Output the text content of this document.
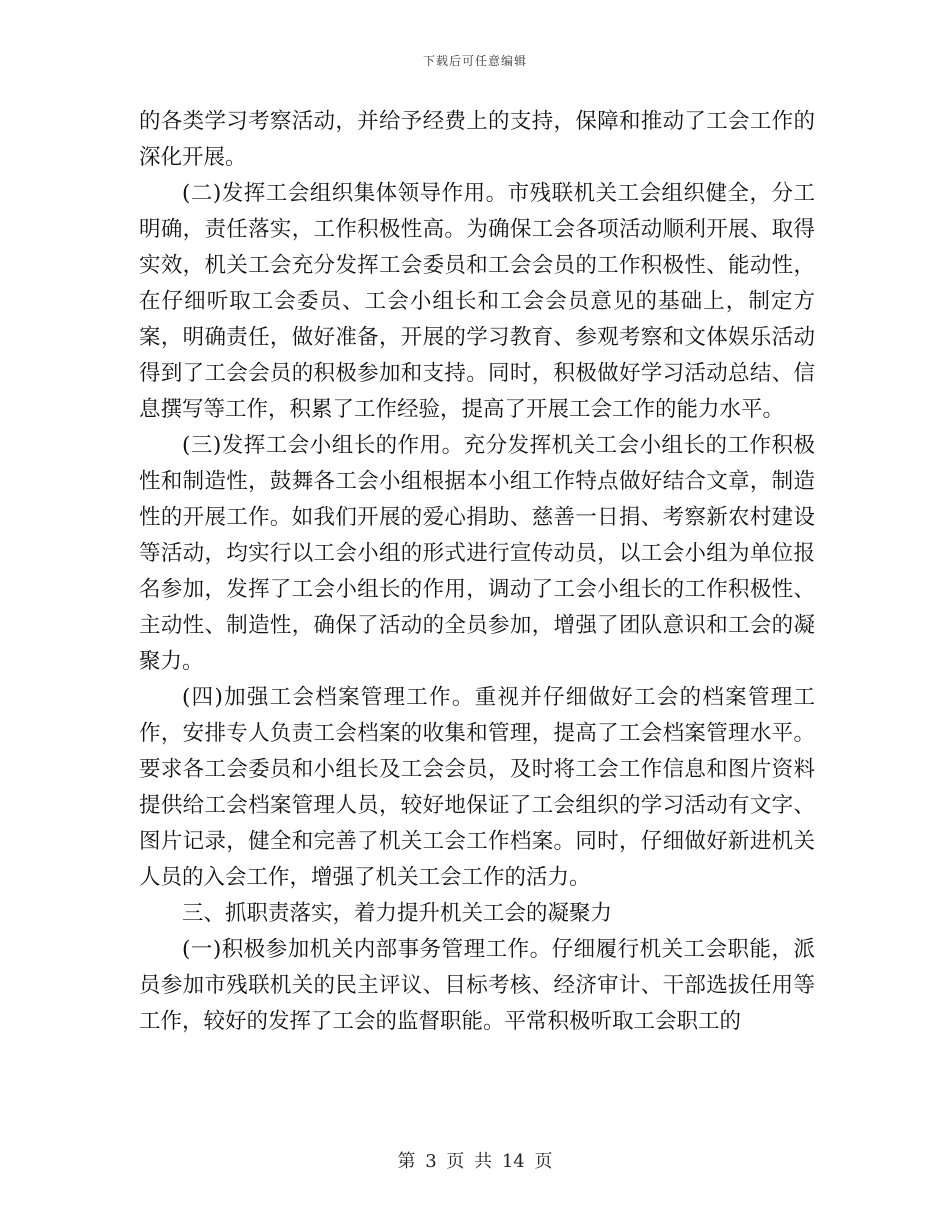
下载后可任意编辑

的各类学习考察活动，并给予经费上的支持，保障和推动了工会工作的深化开展。

(二)发挥工会组织集体领导作用。市残联机关工会组织健全，分工明确，责任落实，工作积极性高。为确保工会各项活动顺利开展、取得实效，机关工会充分发挥工会委员和工会会员的工作积极性、能动性，在仔细听取工会委员、工会小组长和工会会员意见的基础上，制定方案，明确责任，做好准备，开展的学习教育、参观考察和文体娱乐活动得到了工会会员的积极参加和支持。同时，积极做好学习活动总结、信息撰写等工作，积累了工作经验，提高了开展工会工作的能力水平。

(三)发挥工会小组长的作用。充分发挥机关工会小组长的工作积极性和制造性，鼓舞各工会小组根据本小组工作特点做好结合文章，制造性的开展工作。如我们开展的爱心捐助、慈善一日捐、考察新农村建设等活动，均实行以工会小组的形式进行宣传动员，以工会小组为单位报名参加，发挥了工会小组长的作用，调动了工会小组长的工作积极性、主动性、制造性，确保了活动的全员参加，增强了团队意识和工会的凝聚力。

(四)加强工会档案管理工作。重视并仔细做好工会的档案管理工作，安排专人负责工会档案的收集和管理，提高了工会档案管理水平。要求各工会委员和小组长及工会会员，及时将工会工作信息和图片资料提供给工会档案管理人员，较好地保证了工会组织的学习活动有文字、图片记录，健全和完善了机关工会工作档案。同时，仔细做好新进机关人员的入会工作，增强了机关工会工作的活力。

三、抓职责落实，着力提升机关工会的凝聚力

(一)积极参加机关内部事务管理工作。仔细履行机关工会职能，派员参加市残联机关的民主评议、目标考核、经济审计、干部选拔任用等工作，较好的发挥了工会的监督职能。平常积极听取工会职工的

第 3 页 共 14 页
